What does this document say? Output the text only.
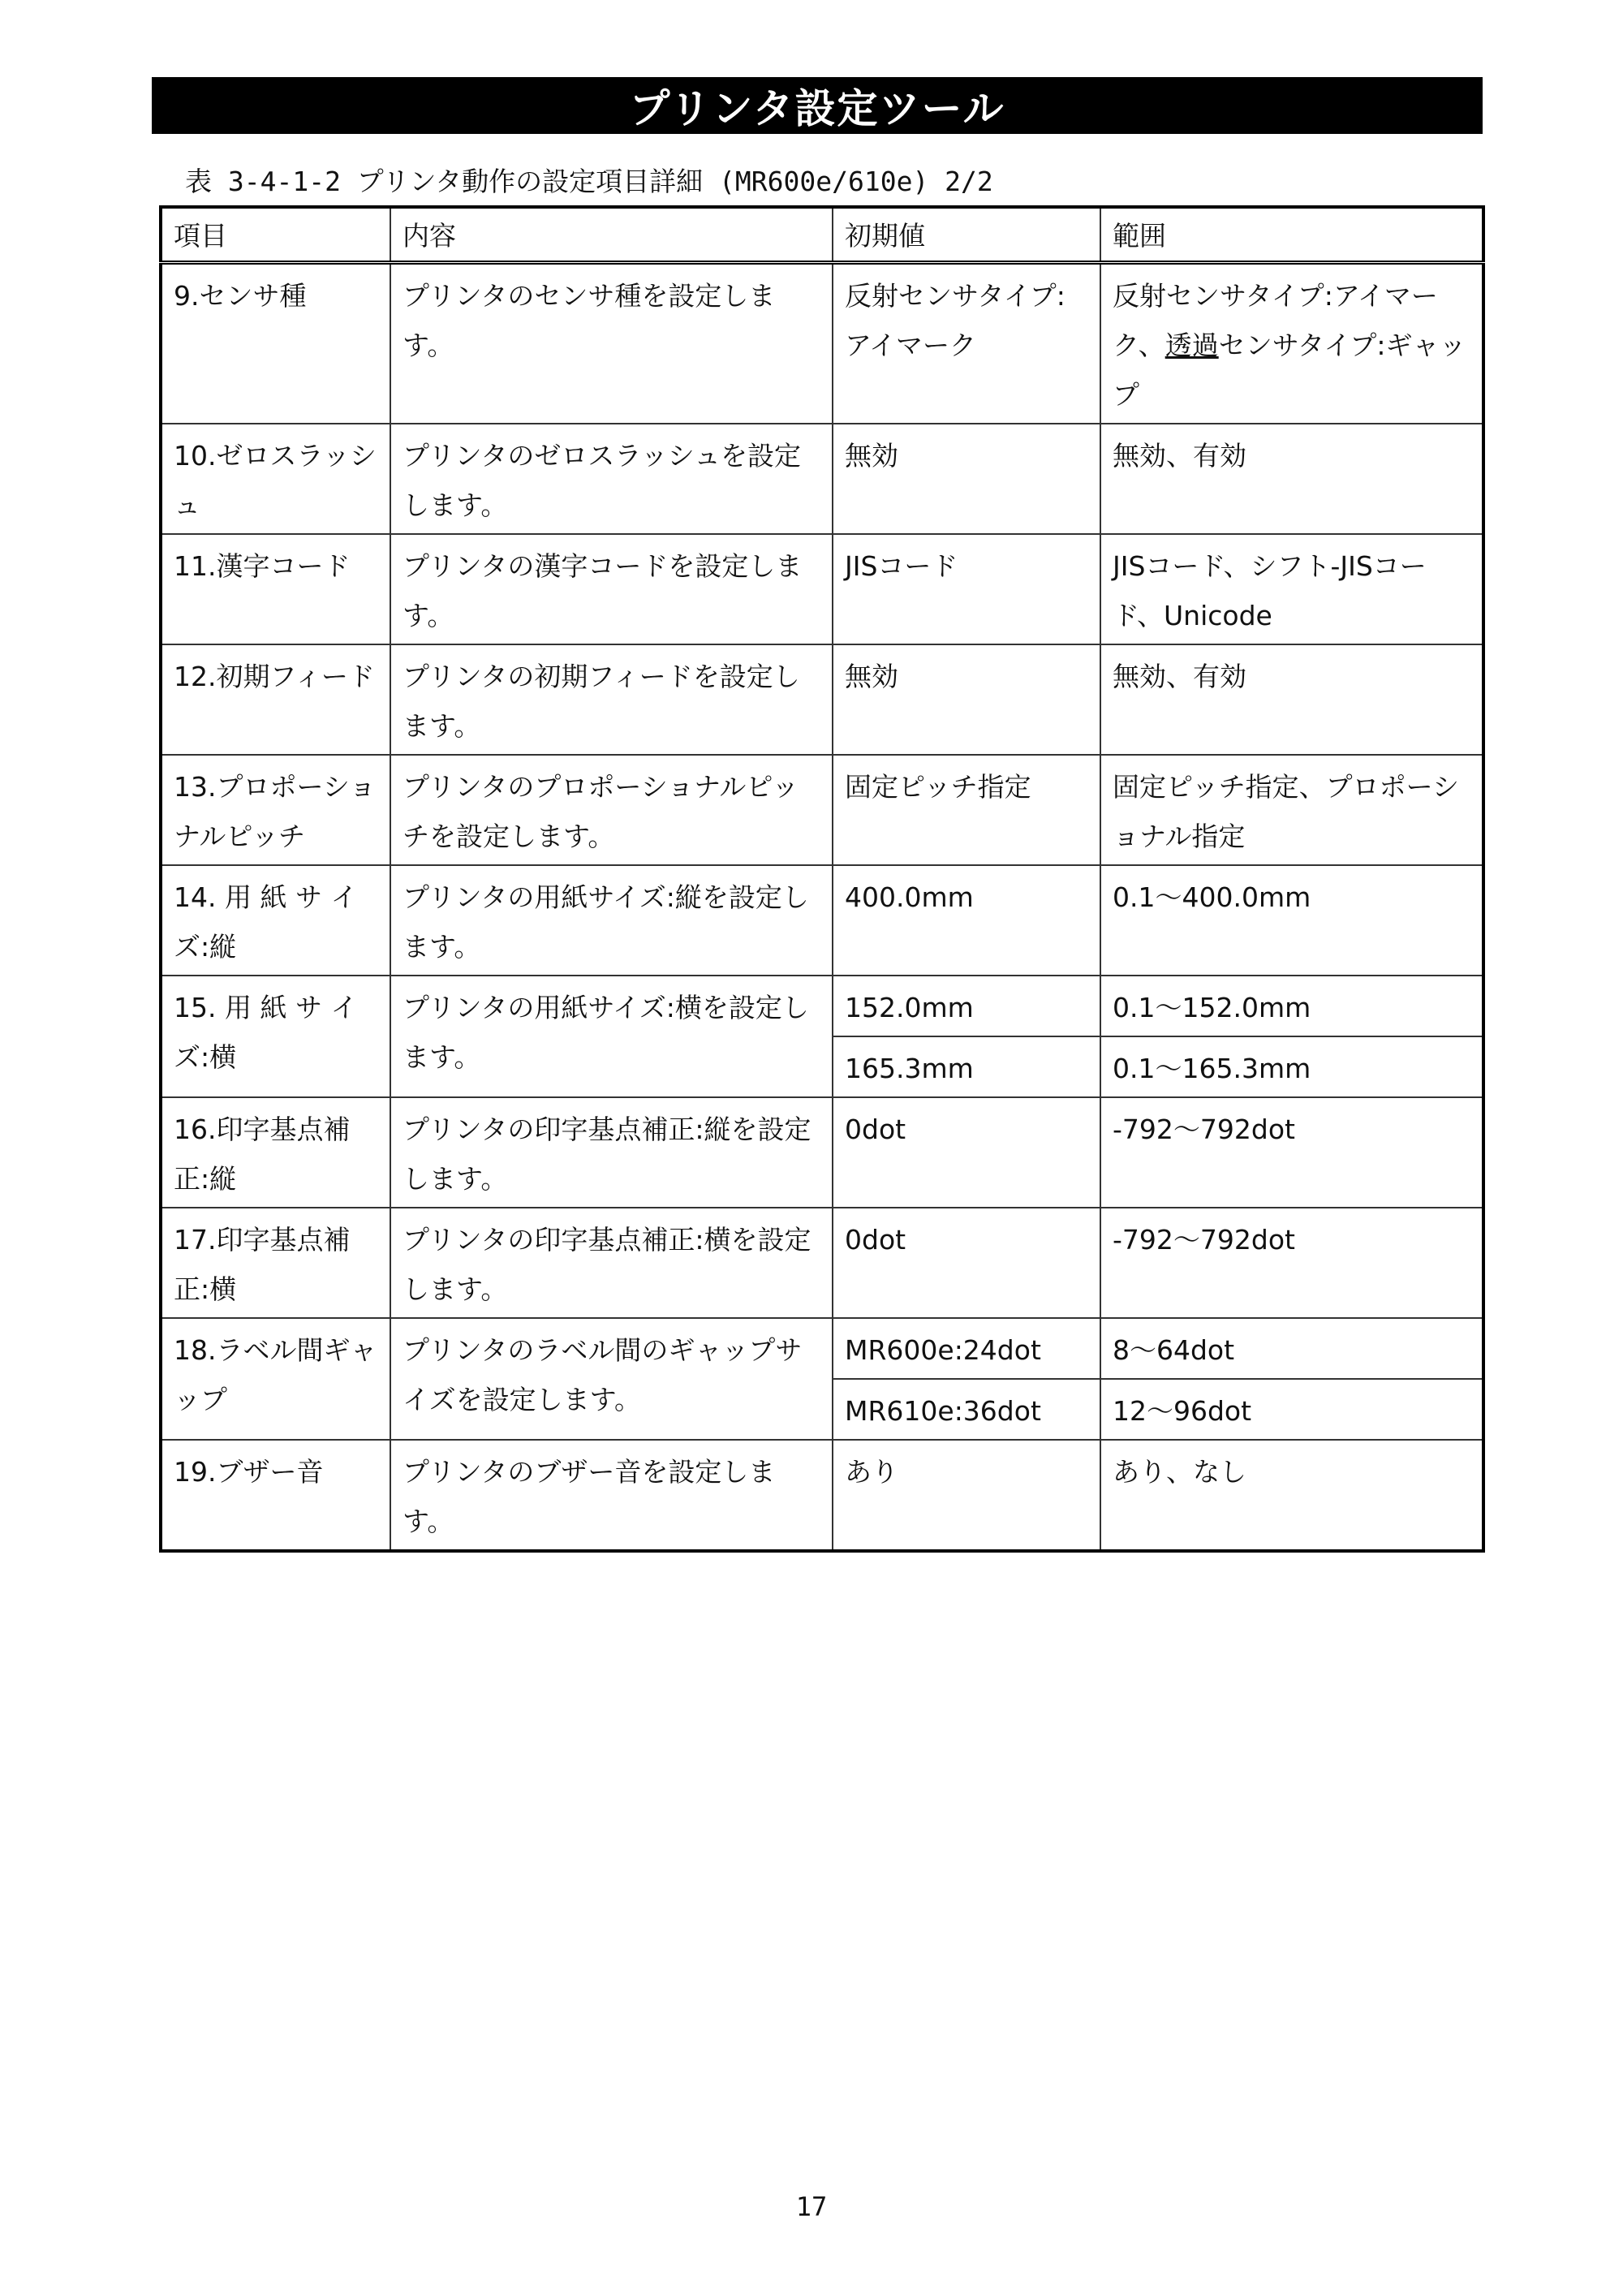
プリンタ設定ツール
表 3-4-1-2 プリンタ動作の設定項目詳細 (MR600e/610e) 2/2
項目	内容	初期値	範囲
9.センサ種	プリンタのセンサ種を設定します。	反射センサタイプ:アイマーク	反射センサタイプ:アイマーク、透過センサタイプ:ギャップ
10.ゼロスラッシュ	プリンタのゼロスラッシュを設定します。	無効	無効、有効
11.漢字コード	プリンタの漢字コードを設定します。	JISコード	JISコード、シフト-JISコード、Unicode
12.初期フィード	プリンタの初期フィードを設定します。	無効	無効、有効
13.プロポーショナルピッチ	プリンタのプロポーショナルピッチを設定します。	固定ピッチ指定	固定ピッチ指定、プロポーショナル指定
14. 用 紙 サ イ ズ:縦	プリンタの用紙サイズ:縦を設定します。	400.0mm	0.1～400.0mm
15. 用 紙 サ イ ズ:横	プリンタの用紙サイズ:横を設定します。	152.0mm	0.1～152.0mm
		165.3mm	0.1～165.3mm
16.印字基点補正:縦	プリンタの印字基点補正:縦を設定します。	0dot	-792～792dot
17.印字基点補正:横	プリンタの印字基点補正:横を設定します。	0dot	-792～792dot
18.ラベル間ギャップ	プリンタのラベル間のギャップサイズを設定します。	MR600e:24dot	8～64dot
		MR610e:36dot	12～96dot
19.ブザー音	プリンタのブザー音を設定します。	あり	あり、なし
17
